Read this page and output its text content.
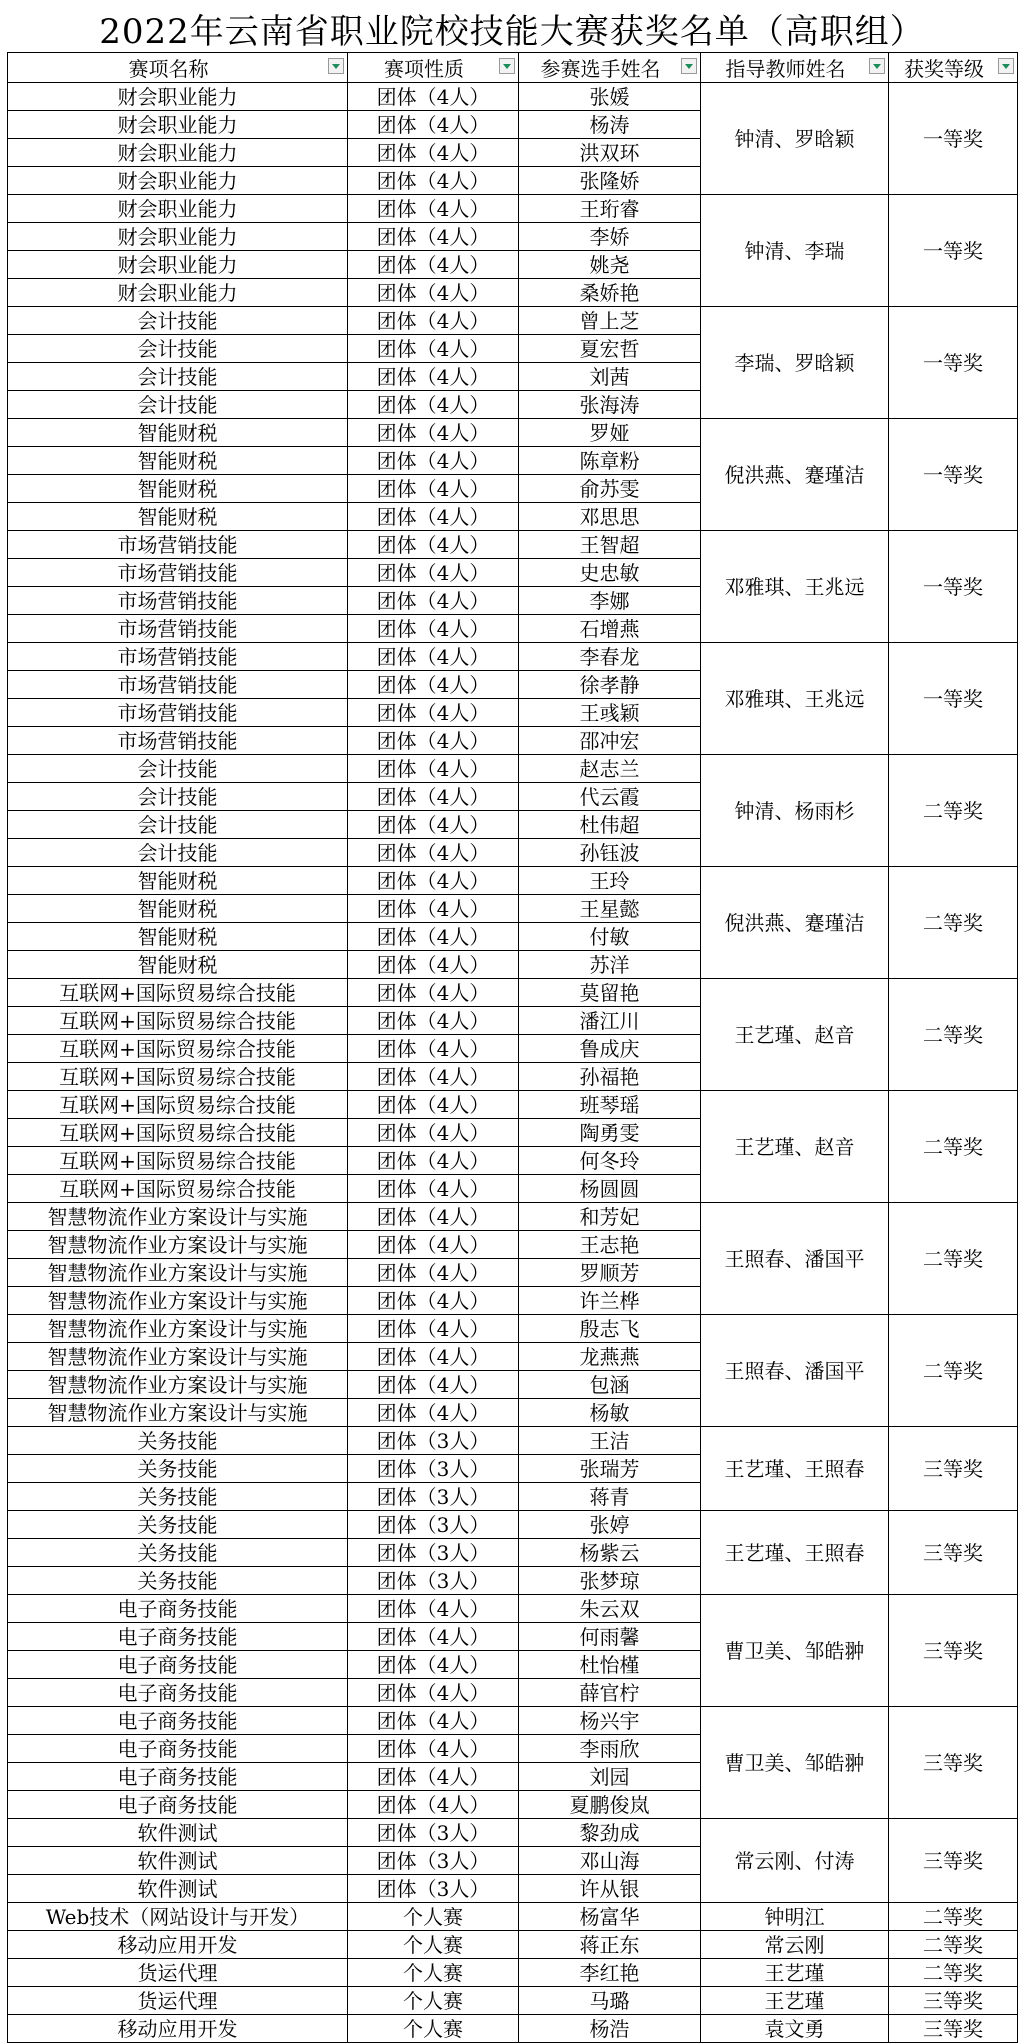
2022年云南省职业院校技能大赛获奖名单（高职组）
赛项名称	赛项性质	参赛选手姓名	指导教师姓名	获奖等级

财会职业能力	团体（4人）	张媛	钟清、罗晗颖	一等奖
财会职业能力	团体（4人）	杨涛		
财会职业能力	团体（4人）	洪双环		
财会职业能力	团体（4人）	张隆娇		
财会职业能力	团体（4人）	王珩睿	钟清、李瑞	一等奖
财会职业能力	团体（4人）	李娇		
财会职业能力	团体（4人）	姚尧		
财会职业能力	团体（4人）	桑娇艳		
会计技能	团体（4人）	曾上芝	李瑞、罗晗颖	一等奖
会计技能	团体（4人）	夏宏哲		
会计技能	团体（4人）	刘茜		
会计技能	团体（4人）	张海涛		
智能财税	团体（4人）	罗娅	倪洪燕、蹇瑾洁	一等奖
智能财税	团体（4人）	陈章粉		
智能财税	团体（4人）	俞苏雯		
智能财税	团体（4人）	邓思思		
市场营销技能	团体（4人）	王智超	邓雅琪、王兆远	一等奖
市场营销技能	团体（4人）	史忠敏		
市场营销技能	团体（4人）	李娜		
市场营销技能	团体（4人）	石增燕		
市场营销技能	团体（4人）	李春龙	邓雅琪、王兆远	一等奖
市场营销技能	团体（4人）	徐孝静		
市场营销技能	团体（4人）	王彧颖		
市场营销技能	团体（4人）	邵冲宏		
会计技能	团体（4人）	赵志兰	钟清、杨雨杉	二等奖
会计技能	团体（4人）	代云霞		
会计技能	团体（4人）	杜伟超		
会计技能	团体（4人）	孙钰波		
智能财税	团体（4人）	王玲	倪洪燕、蹇瑾洁	二等奖
智能财税	团体（4人）	王星懿		
智能财税	团体（4人）	付敏		
智能财税	团体（4人）	苏洋		
互联网+国际贸易综合技能	团体（4人）	莫留艳	王艺瑾、赵音	二等奖
互联网+国际贸易综合技能	团体（4人）	潘江川		
互联网+国际贸易综合技能	团体（4人）	鲁成庆		
互联网+国际贸易综合技能	团体（4人）	孙福艳		
互联网+国际贸易综合技能	团体（4人）	班琴瑶	王艺瑾、赵音	二等奖
互联网+国际贸易综合技能	团体（4人）	陶勇雯		
互联网+国际贸易综合技能	团体（4人）	何冬玲		
互联网+国际贸易综合技能	团体（4人）	杨圆圆		
智慧物流作业方案设计与实施	团体（4人）	和芳妃	王照春、潘国平	二等奖
智慧物流作业方案设计与实施	团体（4人）	王志艳		
智慧物流作业方案设计与实施	团体（4人）	罗顺芳		
智慧物流作业方案设计与实施	团体（4人）	许兰桦		
智慧物流作业方案设计与实施	团体（4人）	殷志飞	王照春、潘国平	二等奖
智慧物流作业方案设计与实施	团体（4人）	龙燕燕		
智慧物流作业方案设计与实施	团体（4人）	包涵		
智慧物流作业方案设计与实施	团体（4人）	杨敏		
关务技能	团体（3人）	王洁	王艺瑾、王照春	三等奖
关务技能	团体（3人）	张瑞芳		
关务技能	团体（3人）	蒋青		
关务技能	团体（3人）	张婷	王艺瑾、王照春	三等奖
关务技能	团体（3人）	杨紫云		
关务技能	团体（3人）	张梦琼		
电子商务技能	团体（4人）	朱云双	曹卫美、邹皓翀	三等奖
电子商务技能	团体（4人）	何雨馨		
电子商务技能	团体（4人）	杜怡槿		
电子商务技能	团体（4人）	薛官柠		
电子商务技能	团体（4人）	杨兴宇	曹卫美、邹皓翀	三等奖
电子商务技能	团体（4人）	李雨欣		
电子商务技能	团体（4人）	刘园		
电子商务技能	团体（4人）	夏鹏俊岚		
软件测试	团体（3人）	黎劲成	常云刚、付涛	三等奖
软件测试	团体（3人）	邓山海		
软件测试	团体（3人）	许从银		
Web技术（网站设计与开发）	个人赛	杨富华	钟明江	二等奖
移动应用开发	个人赛	蒋正东	常云刚	二等奖
货运代理	个人赛	李红艳	王艺瑾	二等奖
货运代理	个人赛	马璐	王艺瑾	三等奖
移动应用开发	个人赛	杨浩	袁文勇	三等奖
